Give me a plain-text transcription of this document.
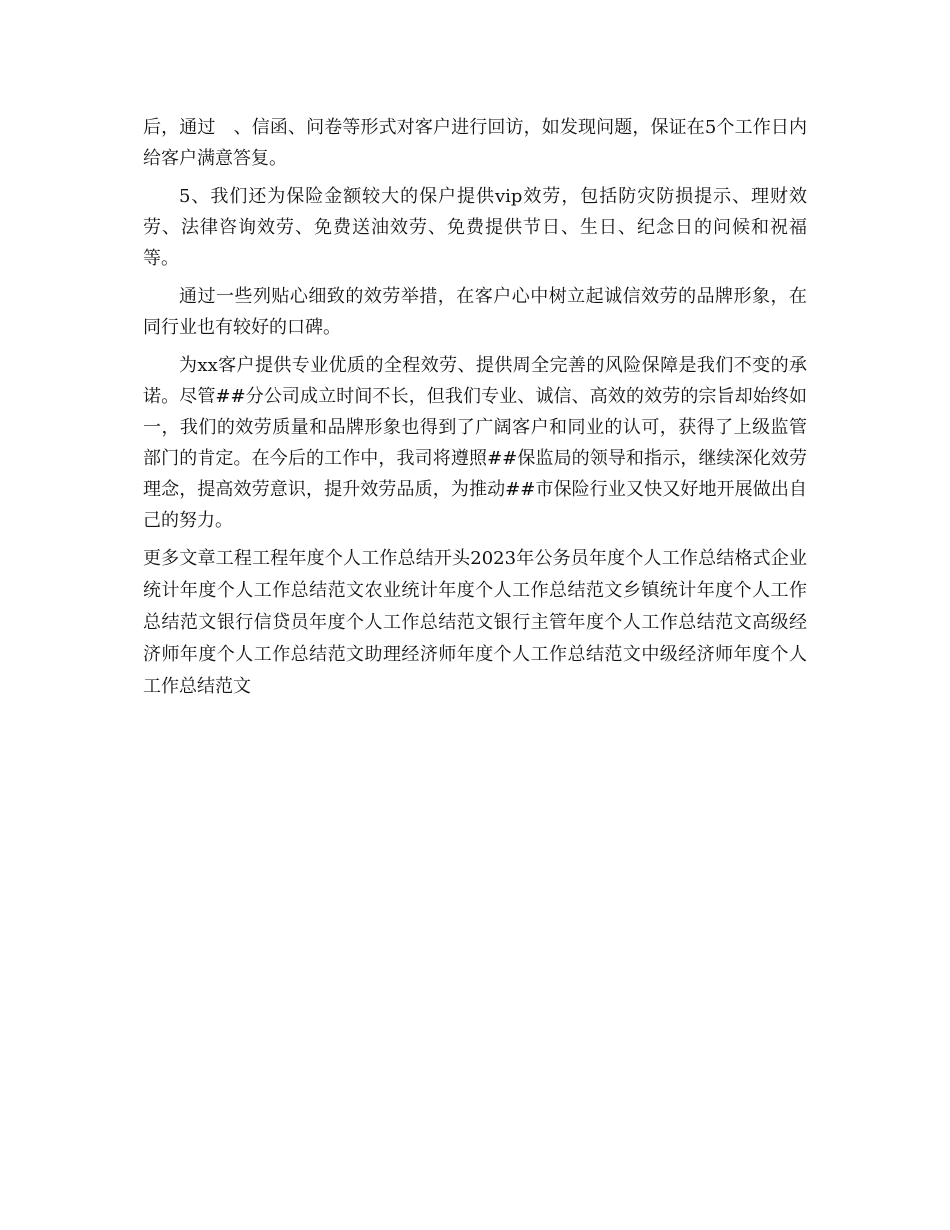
后，通过　、信函、问卷等形式对客户进行回访，如发现问题，保证在5个工作日内给客户满意答复。

5、我们还为保险金额较大的保户提供vip效劳，包括防灾防损提示、理财效劳、法律咨询效劳、免费送油效劳、免费提供节日、生日、纪念日的问候和祝福等。

通过一些列贴心细致的效劳举措，在客户心中树立起诚信效劳的品牌形象，在同行业也有较好的口碑。

为xx客户提供专业优质的全程效劳、提供周全完善的风险保障是我们不变的承诺。尽管##分公司成立时间不长，但我们专业、诚信、高效的效劳的宗旨却始终如一，我们的效劳质量和品牌形象也得到了广阔客户和同业的认可，获得了上级监管部门的肯定。在今后的工作中，我司将遵照##保监局的领导和指示，继续深化效劳理念，提高效劳意识，提升效劳品质，为推动##市保险行业又快又好地开展做出自己的努力。

更多文章工程工程年度个人工作总结开头2023年公务员年度个人工作总结格式企业统计年度个人工作总结范文农业统计年度个人工作总结范文乡镇统计年度个人工作总结范文银行信贷员年度个人工作总结范文银行主管年度个人工作总结范文高级经济师年度个人工作总结范文助理经济师年度个人工作总结范文中级经济师年度个人工作总结范文
